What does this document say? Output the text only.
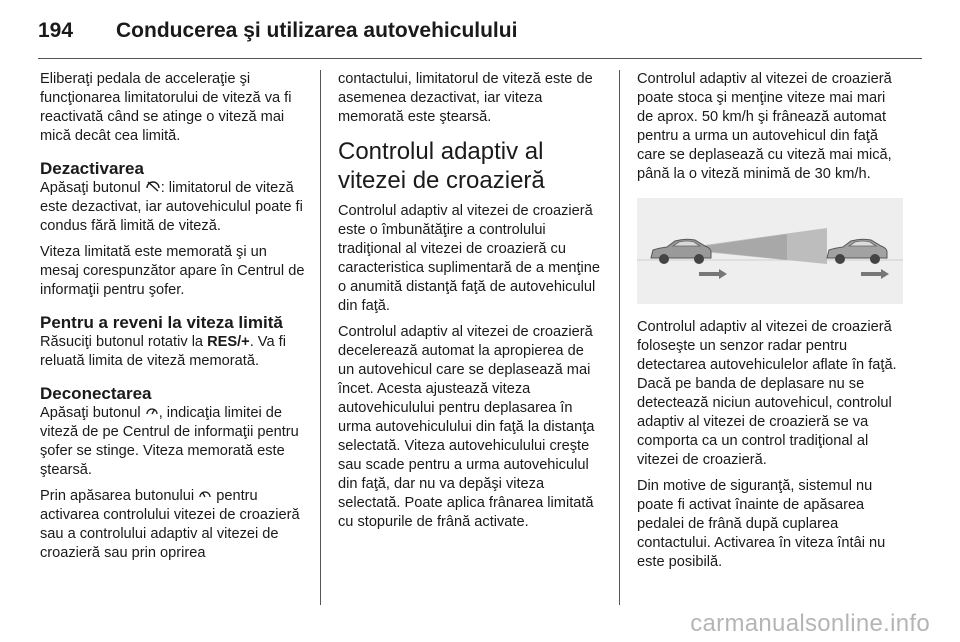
194	Conducerea şi utilizarea autovehiculului

Eliberaţi pedala de acceleraţie şi funcţionarea limitatorului de viteză va fi reactivată când se atinge o viteză mai mică decât cea limită.

Dezactivarea

Apăsaţi butonul : limitatorul de viteză este dezactivat, iar autovehiculul poate fi condus fără limită de viteză.

Viteza limitată este memorată şi un mesaj corespunzător apare în Centrul de informaţii pentru şofer.

Pentru a reveni la viteza limită

Răsuciţi butonul rotativ la RES/+. Va fi reluată limita de viteză memorată.

Deconectarea

Apăsaţi butonul , indicaţia limitei de viteză de pe Centrul de informaţii pentru şofer se stinge. Viteza memorată este ştearsă.

Prin apăsarea butonului pentru activarea controlului vitezei de croazieră sau a controlului adaptiv al vitezei de croazieră sau prin oprirea

contactului, limitatorul de viteză este de asemenea dezactivat, iar viteza memorată este ştearsă.

Controlul adaptiv al vitezei de croazieră

Controlul adaptiv al vitezei de croazieră este o îmbunătăţire a controlului tradiţional al vitezei de croazieră cu caracteristica suplimentară de a menţine o anumită distanţă faţă de autovehiculul din faţă.

Controlul adaptiv al vitezei de croazieră decelerează automat la apropierea de un autovehicul care se deplasează mai încet. Acesta ajustează viteza autovehiculului pentru deplasarea în urma autovehiculului din faţă la distanţa selectată. Viteza autovehiculului creşte sau scade pentru a urma autovehiculul din faţă, dar nu va depăşi viteza selectată. Poate aplica frânarea limitată cu stopurile de frână activate.

Controlul adaptiv al vitezei de croazieră poate stoca şi menţine viteze mai mari de aprox. 50 km/h şi frânează automat pentru a urma un autovehicul din faţă care se deplasează cu viteză mai mică, până la o viteză minimă de 30 km/h.

Controlul adaptiv al vitezei de croazieră foloseşte un senzor radar pentru detectarea autovehiculelor aflate în faţă. Dacă pe banda de deplasare nu se detectează niciun autovehicul, controlul adaptiv al vitezei de croazieră se va comporta ca un control tradiţional al vitezei de croazieră.

Din motive de siguranţă, sistemul nu poate fi activat înainte de apăsarea pedalei de frână după cuplarea contactului. Activarea în viteza întâi nu este posibilă.

carmanualsonline.info
